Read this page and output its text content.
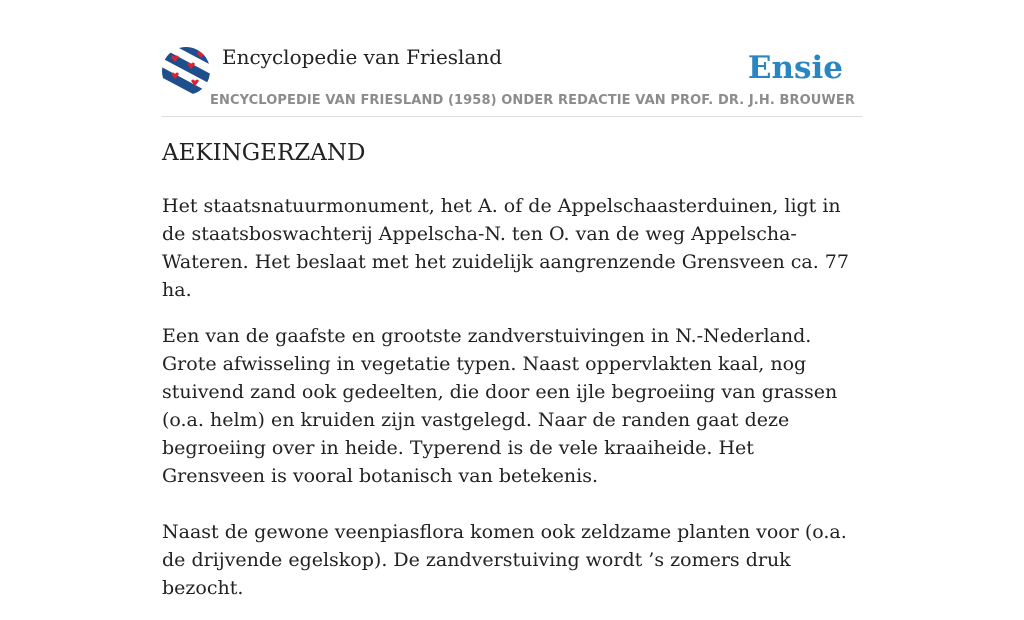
Encyclopedie van Friesland	Ensie
ENCYCLOPEDIE VAN FRIESLAND (1958) ONDER REDACTIE VAN PROF. DR. J.H. BROUWER
AEKINGERZAND

Het staatsnatuurmonument, het A. of de Appelschaasterduinen, ligt in de staatsboswachterij Appelscha-N. ten O. van de weg Appelscha-Wateren. Het beslaat met het zuidelijk aangrenzende Grensveen ca. 77 ha.

Een van de gaafste en grootste zandverstuivingen in N.-Nederland. Grote afwisseling in vegetatie typen. Naast oppervlakten kaal, nog stuivend zand ook gedeelten, die door een ijle begroeiing van grassen (o.a. helm) en kruiden zijn vastgelegd. Naar de randen gaat deze begroeiing over in heide. Typerend is de vele kraaiheide. Het Grensveen is vooral botanisch van betekenis.

Naast de gewone veenpiasflora komen ook zeldzame planten voor (o.a. de drijvende egelskop). De zandverstuiving wordt ’s zomers druk bezocht.
